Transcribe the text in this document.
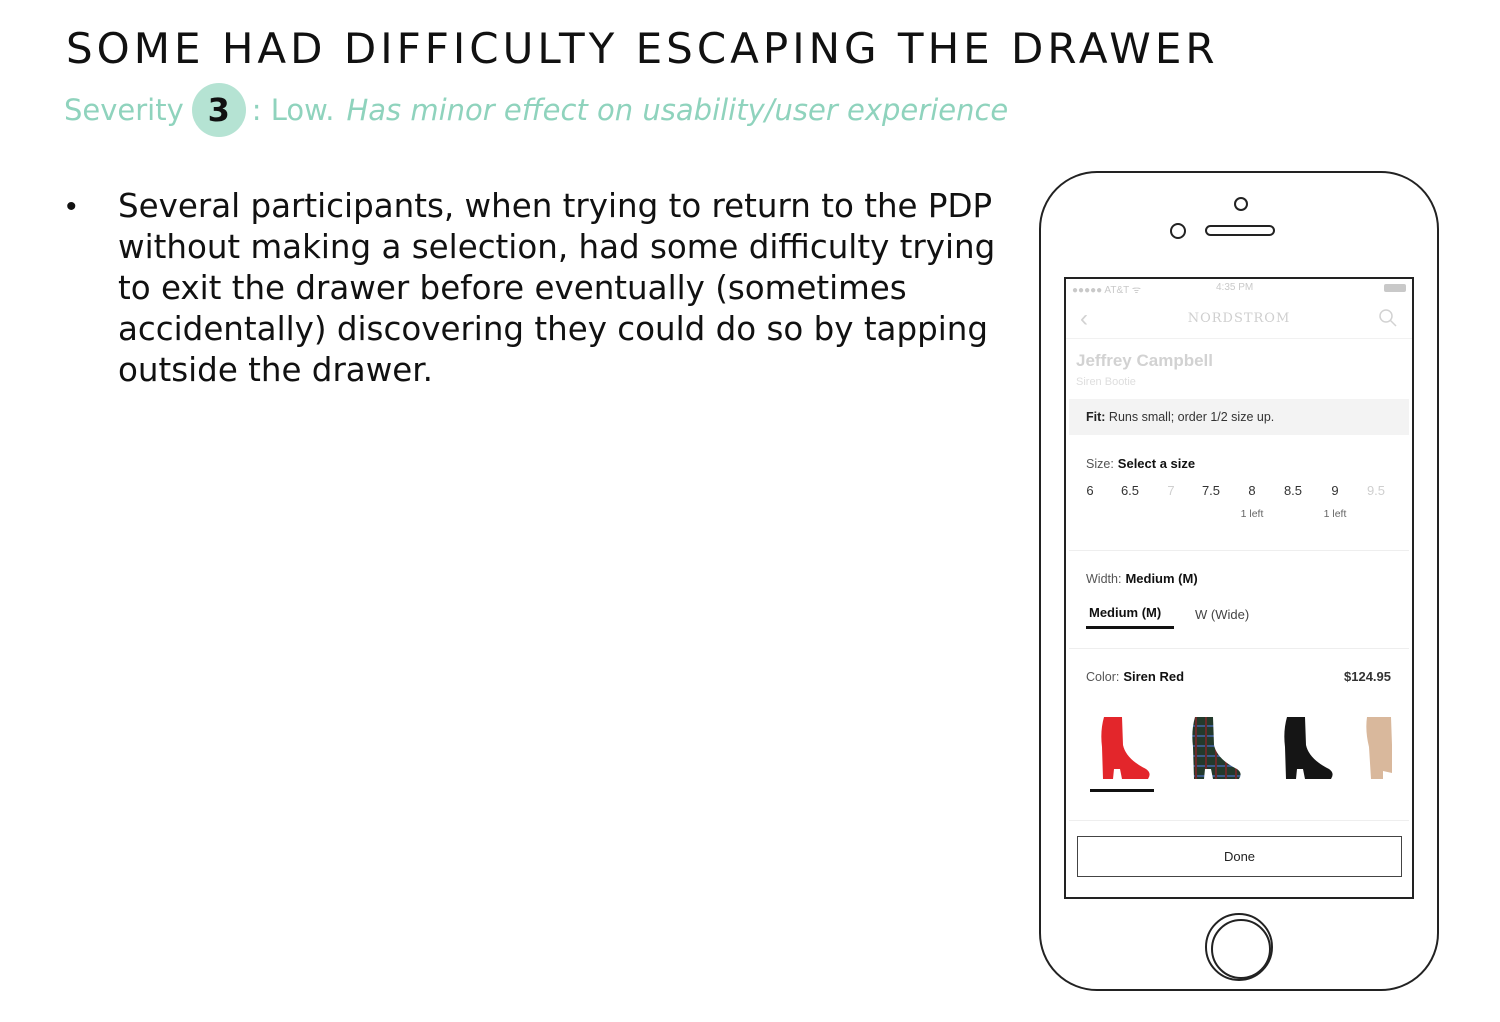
SOME HAD DIFFICULTY ESCAPING THE DRAWER
Severity 3 : Low. Has minor effect on usability/user experience
•	Several participants, when trying to return to the PDP without making a selection, had some difficulty trying to exit the drawer before eventually (sometimes accidentally) discovering they could do so by tapping outside the drawer.

●●●●● AT&T ᯤ	4:35 PM
‹	NORDSTROM
Jeffrey Campbell
Siren Bootie
Fit: Runs small; order 1/2 size up.
Size: Select a size
6	6.5	7	7.5	8	8.5	9	9.5
1 left	1 left
Width: Medium (M)
Medium (M)	W (Wide)
Color: Siren Red	$124.95
Done
